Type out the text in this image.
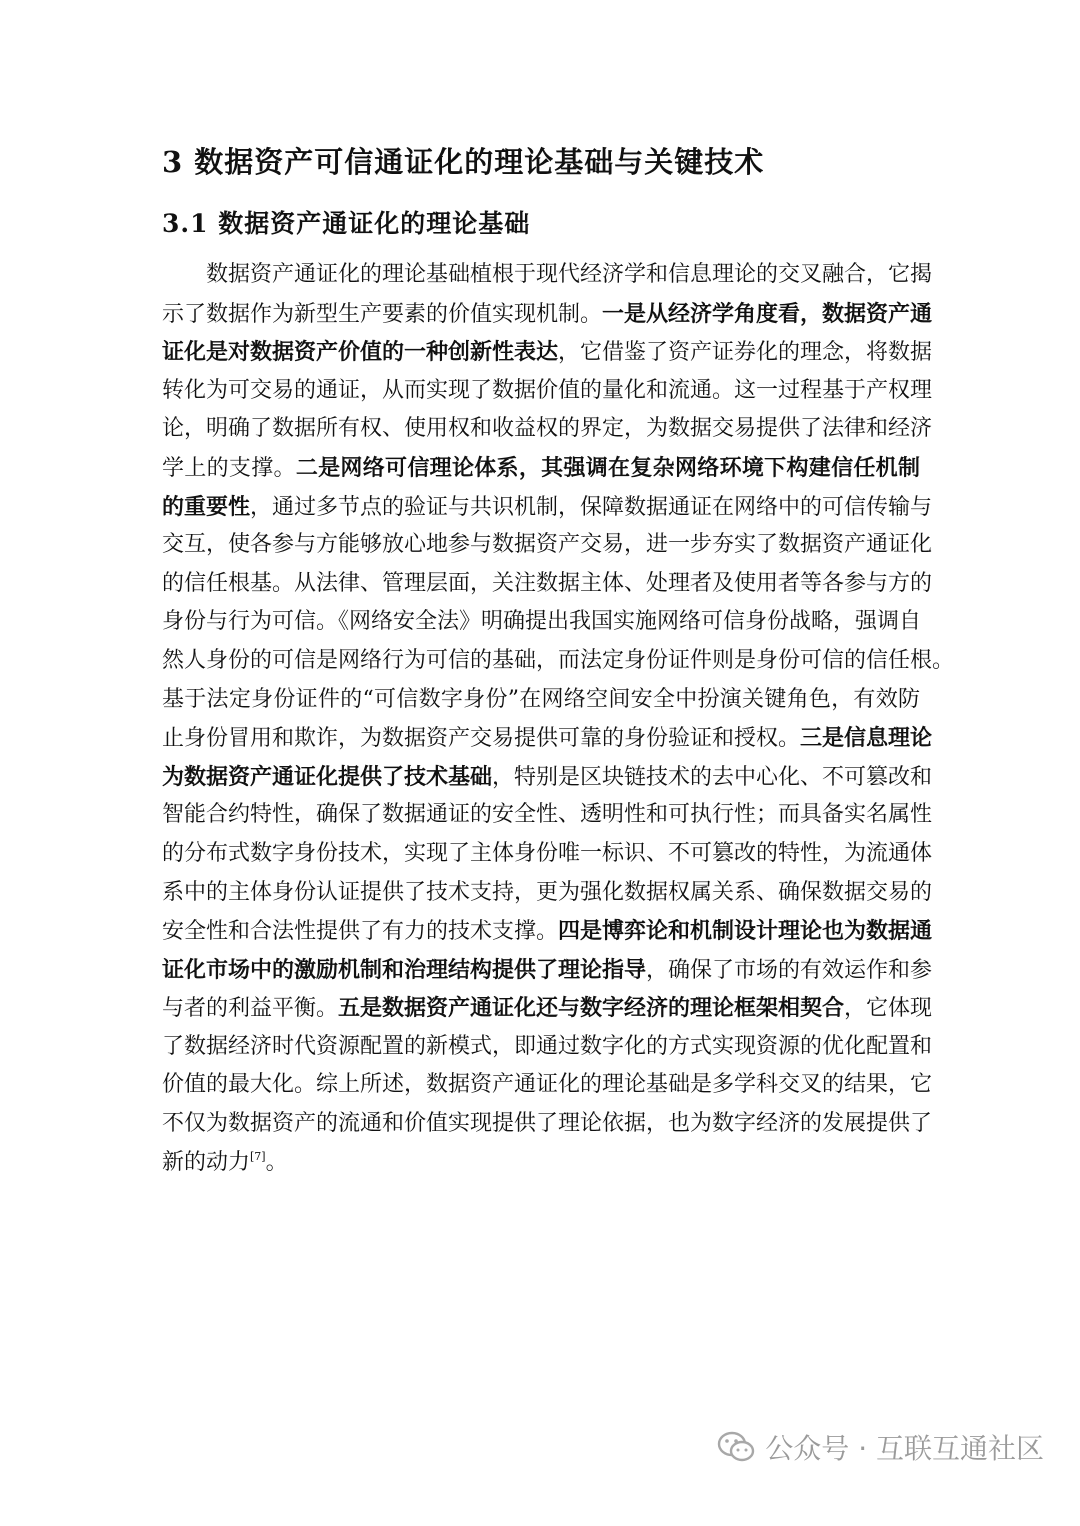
3 数据资产可信通证化的理论基础与关键技术
3.1 数据资产通证化的理论基础
数据资产通证化的理论基础植根于现代经济学和信息理论的交叉融合，它揭
示了数据作为新型生产要素的价值实现机制。一是从经济学角度看，数据资产通
证化是对数据资产价值的一种创新性表达，它借鉴了资产证券化的理念，将数据
转化为可交易的通证，从而实现了数据价值的量化和流通。这一过程基于产权理
论，明确了数据所有权、使用权和收益权的界定，为数据交易提供了法律和经济
学上的支撑。二是网络可信理论体系，其强调在复杂网络环境下构建信任机制
的重要性，通过多节点的验证与共识机制，保障数据通证在网络中的可信传输与
交互，使各参与方能够放心地参与数据资产交易，进一步夯实了数据资产通证化
的信任根基。从法律、管理层面，关注数据主体、处理者及使用者等各参与方的
身份与行为可信。《网络安全法》明确提出我国实施网络可信身份战略，强调自
然人身份的可信是网络行为可信的基础，而法定身份证件则是身份可信的信任根。
基于法定身份证件的“可信数字身份”在网络空间安全中扮演关键角色，有效防
止身份冒用和欺诈，为数据资产交易提供可靠的身份验证和授权。三是信息理论
为数据资产通证化提供了技术基础，特别是区块链技术的去中心化、不可篡改和
智能合约特性，确保了数据通证的安全性、透明性和可执行性；而具备实名属性
的分布式数字身份技术，实现了主体身份唯一标识、不可篡改的特性，为流通体
系中的主体身份认证提供了技术支持，更为强化数据权属关系、确保数据交易的
安全性和合法性提供了有力的技术支撑。四是博弈论和机制设计理论也为数据通
证化市场中的激励机制和治理结构提供了理论指导，确保了市场的有效运作和参
与者的利益平衡。五是数据资产通证化还与数字经济的理论框架相契合，它体现
了数据经济时代资源配置的新模式，即通过数字化的方式实现资源的优化配置和
价值的最大化。综上所述，数据资产通证化的理论基础是多学科交叉的结果，它
不仅为数据资产的流通和价值实现提供了理论依据，也为数字经济的发展提供了
新的动力[7]。
公众号 · 互联互通社区
